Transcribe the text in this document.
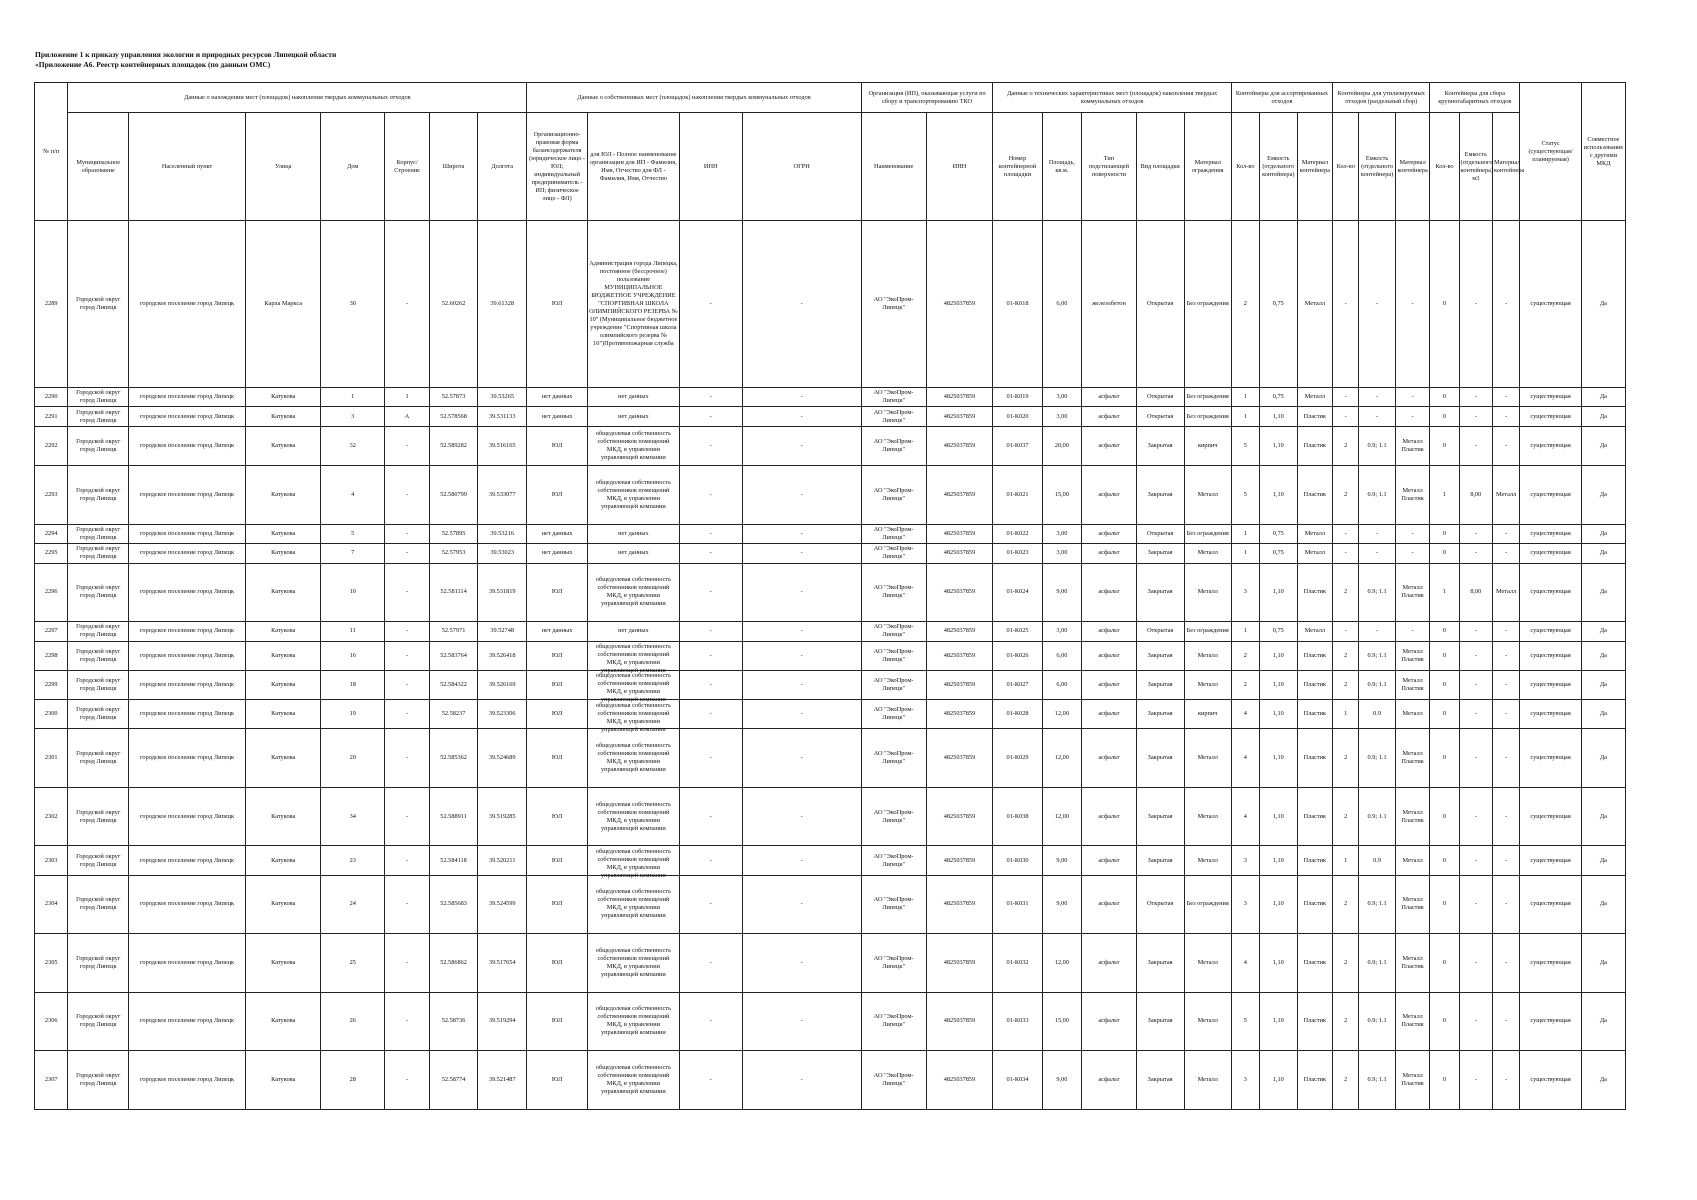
Приложение 1 к приказу управления экологии и природных ресурсов Липецкой области
«Приложение А6. Реестр контейнерных площадок (по данным ОМС)
№ п/п	Данные о нахождении мест (площадок) накопления твердых коммунальных отходов							Данные о собственниках мест (площадок) накопления твердых коммунальных отходов				Организация (ИП), оказывающая услуги по сбору и транспортированию ТКО		Данные о технических характеристиках мест (площадок) накопления твердых коммунальных отходов					Контейнеры для ассортированных отходов			Контейнеры для утилизируемых отходов (раздельный сбор)			Контейнеры для сбора крупногабаритных отходов			Статус (существующая/планируемая)	Совместное использование с другими МКД
	Муниципальное образование	Населенный пункт	Улица	Дом	Корпус/Строение	Широта	Долгота	Организационно-правовая форма балансодержателя (юридическое лицо - ЮЛ; индивидуальный предприниматель - ИП; физическое лицо - ФЛ)	для ЮЛ - Полное наименование организации для ИП - Фамилия, Имя, Отчество для ФЛ - Фамилия, Имя, Отчество	ИНН	ОГРН	Наименование	ИНН	Номер контейнерной площадки	Площадь, кв.м.	Тип подстилающей поверхности	Вид площадки	Материал ограждения	Кол-во	Емкость (отдельного контейнера)	Материал контейнера	Кол-во	Емкость (отдельного контейнера)	Материал контейнера	Кол-во	Емкость (отдельного контейнера) м3	Материал контейнера		

2289	Городской округ город Липецк	городское поселение город Липецк	Карла Маркса	30	-	52.60262	39.61328	ЮЛ	Администрация города Липецка, постоянное (бессрочное) пользование МУНИЦИПАЛЬНОЕ БЮДЖЕТНОЕ УЧРЕЖДЕНИЕ "СПОРТИВНАЯ ШКОЛА ОЛИМПИЙСКОГО РЕЗЕРВА № 10" (Муниципальное бюджетное учреждение "Спортивная школа олимпийского резерва № 10")Противопожарная служба	-	-	АО "ЭкоПром-Липецк"	4825037859	01-К018	6,00	железобетон	Открытая	Без ограждения	2	0,75	Металл	-	-	-	0	-	-	существующая	Да

2290	Городской округ город Липецк	городское поселение город Липецк	Катукова	1	1	52.57873	39.53265	нет данных	нет данных	-	-	АО "ЭкоПром-Липецк"	4825037859	01-К019	3,00	асфальт	Открытая	Без ограждения	1	0,75	Металл	-	-	-	0	-	-	существующая	Да

2291	Городской округ город Липецк	городское поселение город Липецк	Катукова	3	А	52.578568	39.531133	нет данных	нет данных	-	-	АО "ЭкоПром-Липецк"	4825037859	01-К020	3,00	асфальт	Открытая	Без ограждения	1	1,10	Пластик	-	-	-	0	-	-	существующая	Да

2292	Городской округ город Липецк	городское поселение город Липецк	Катукова	32	-	52.589282	39.516165	ЮЛ	общедолевая собственность собственников помещений МКД, в управлении управляющей компании	-	-	АО "ЭкоПром-Липецк"	4825037859	01-К037	20,00	асфальт	Закрытая	кирпич	5	1,10	Пластик	2	0.9; 1.1	Металл Пластик	0	-	-	существующая	Да

2293	Городской округ город Липецк	городское поселение город Липецк	Катукова	4	-	52.580799	39.533077	ЮЛ	общедолевая собственность собственников помещений МКД, в управлении управляющей компании	-	-	АО "ЭкоПром-Липецк"	4825037859	01-К021	15,00	асфальт	Закрытая	Металл	5	1,10	Пластик	2	0.9; 1.1	Металл Пластик	1	8,00	Металл	существующая	Да

2294	Городской округ город Липецк	городское поселение город Липецк	Катукова	5	-	52.57895	39.53216	нет данных	нет данных	-	-	АО "ЭкоПром-Липецк"	4825037859	01-К022	3,00	асфальт	Открытая	Без ограждения	1	0,75	Металл	-	-	-	0	-	-	существующая	Да

2295	Городской округ город Липецк	городское поселение город Липецк	Катукова	7	-	52.57953	39.53023	нет данных	нет данных	-	-	АО "ЭкоПром-Липецк"	4825037859	01-К023	3,00	асфальт	Закрытая	Металл	1	0,75	Металл	-	-	-	0	-	-	существующая	Да

2296	Городской округ город Липецк	городское поселение город Липецк	Катукова	10	-	52.581114	39.531819	ЮЛ	общедолевая собственность собственников помещений МКД, в управлении управляющей компании	-	-	АО "ЭкоПром-Липецк"	4825037859	01-К024	9,00	асфальт	Закрытая	Металл	3	1,10	Пластик	2	0.9; 1.1	Металл Пластик	1	8,00	Металл	существующая	Да

2297	Городской округ город Липецк	городское поселение город Липецк	Катукова	11	-	52.57971	39.52748	нет данных	нет данных	-	-	АО "ЭкоПром-Липецк"	4825037859	01-К025	3,00	асфальт	Открытая	Без ограждения	1	0,75	Металл	-	-	-	0	-	-	существующая	Да

2298	Городской округ город Липецк	городское поселение город Липецк	Катукова	16	-	52.583764	39.526418	ЮЛ	общедолевая собственность собственников помещений МКД, в управлении управляющей компании	-	-	АО "ЭкоПром-Липецк"	4825037859	01-К026	6,00	асфальт	Закрытая	Металл	2	1,10	Пластик	2	0.9; 1.1	Металл Пластик	0	-	-	существующая	Да

2299	Городской округ город Липецк	городское поселение город Липецк	Катукова	18	-	52.584322	39.526169	ЮЛ	общедолевая собственность собственников помещений МКД, в управлении управляющей компании	-	-	АО "ЭкоПром-Липецк"	4825037859	01-К027	6,00	асфальт	Закрытая	Металл	2	1,10	Пластик	2	0.9; 1.1	Металл Пластик	0	-	-	существующая	Да

2300	Городской округ город Липецк	городское поселение город Липецк	Катукова	19	-	52.58237	39.523306	ЮЛ	общедолевая собственность собственников помещений МКД, в управлении управляющей компании	-	-	АО "ЭкоПром-Липецк"	4825037859	01-К028	12,00	асфальт	Закрытая	кирпич	4	1,10	Пластик	1	0.9	Металл	0	-	-	существующая	Да

2301	Городской округ город Липецк	городское поселение город Липецк	Катукова	20	-	52.585362	39.524689	ЮЛ	общедолевая собственность собственников помещений МКД, в управлении управляющей компании	-	-	АО "ЭкоПром-Липецк"	4825037859	01-К029	12,00	асфальт	Закрытая	Металл	4	1,10	Пластик	2	0.9; 1.1	Металл Пластик	0	-	-	существующая	Да

2302	Городской округ город Липецк	городское поселение город Липецк	Катукова	34	-	52.588911	39.519285	ЮЛ	общедолевая собственность собственников помещений МКД, в управлении управляющей компании	-	-	АО "ЭкоПром-Липецк"	4825037859	01-К038	12,00	асфальт	Закрытая	Металл	4	1,10	Пластик	2	0.9; 1.1	Металл Пластик	0	-	-	существующая	Да

2303	Городской округ город Липецк	городское поселение город Липецк	Катукова	23	-	52.584118	39.520211	ЮЛ	общедолевая собственность собственников помещений МКД, в управлении управляющей компании	-	-	АО "ЭкоПром-Липецк"	4825037859	01-К030	9,00	асфальт	Закрытая	Металл	3	1,10	Пластик	1	0.9	Металл	0	-	-	существующая	Да

2304	Городской округ город Липецк	городское поселение город Липецк	Катукова	24	-	52.585683	39.524599	ЮЛ	общедолевая собственность собственников помещений МКД, в управлении управляющей компании	-	-	АО "ЭкоПром-Липецк"	4825037859	01-К031	9,00	асфальт	Открытая	Без ограждения	3	1,10	Пластик	2	0.9; 1.1	Металл Пластик	0	-	-	существующая	Да

2305	Городской округ город Липецк	городское поселение город Липецк	Катукова	25	-	52.586862	39.517654	ЮЛ	общедолевая собственность собственников помещений МКД, в управлении управляющей компании	-	-	АО "ЭкоПром-Липецк"	4825037859	01-К032	12,00	асфальт	Закрытая	Металл	4	1,10	Пластик	2	0.9; 1.1	Металл Пластик	0	-	-	существующая	Да

2306	Городской округ город Липецк	городское поселение город Липецк	Катукова	26	-	52.58736	39.519294	ЮЛ	общедолевая собственность собственников помещений МКД, в управлении управляющей компании	-	-	АО "ЭкоПром-Липецк"	4825037859	01-К033	15,00	асфальт	Закрытая	Металл	5	1,10	Пластик	2	0.9; 1.1	Металл Пластик	0	-	-	существующая	Да

2307	Городской округ город Липецк	городское поселение город Липецк	Катукова	28	-	52.58774	39.521487	ЮЛ	общедолевая собственность собственников помещений МКД, в управлении управляющей компании	-	-	АО "ЭкоПром-Липецк"	4825037859	01-К034	9,00	асфальт	Закрытая	Металл	3	1,10	Пластик	2	0.9; 1.1	Металл Пластик	0	-	-	существующая	Да
